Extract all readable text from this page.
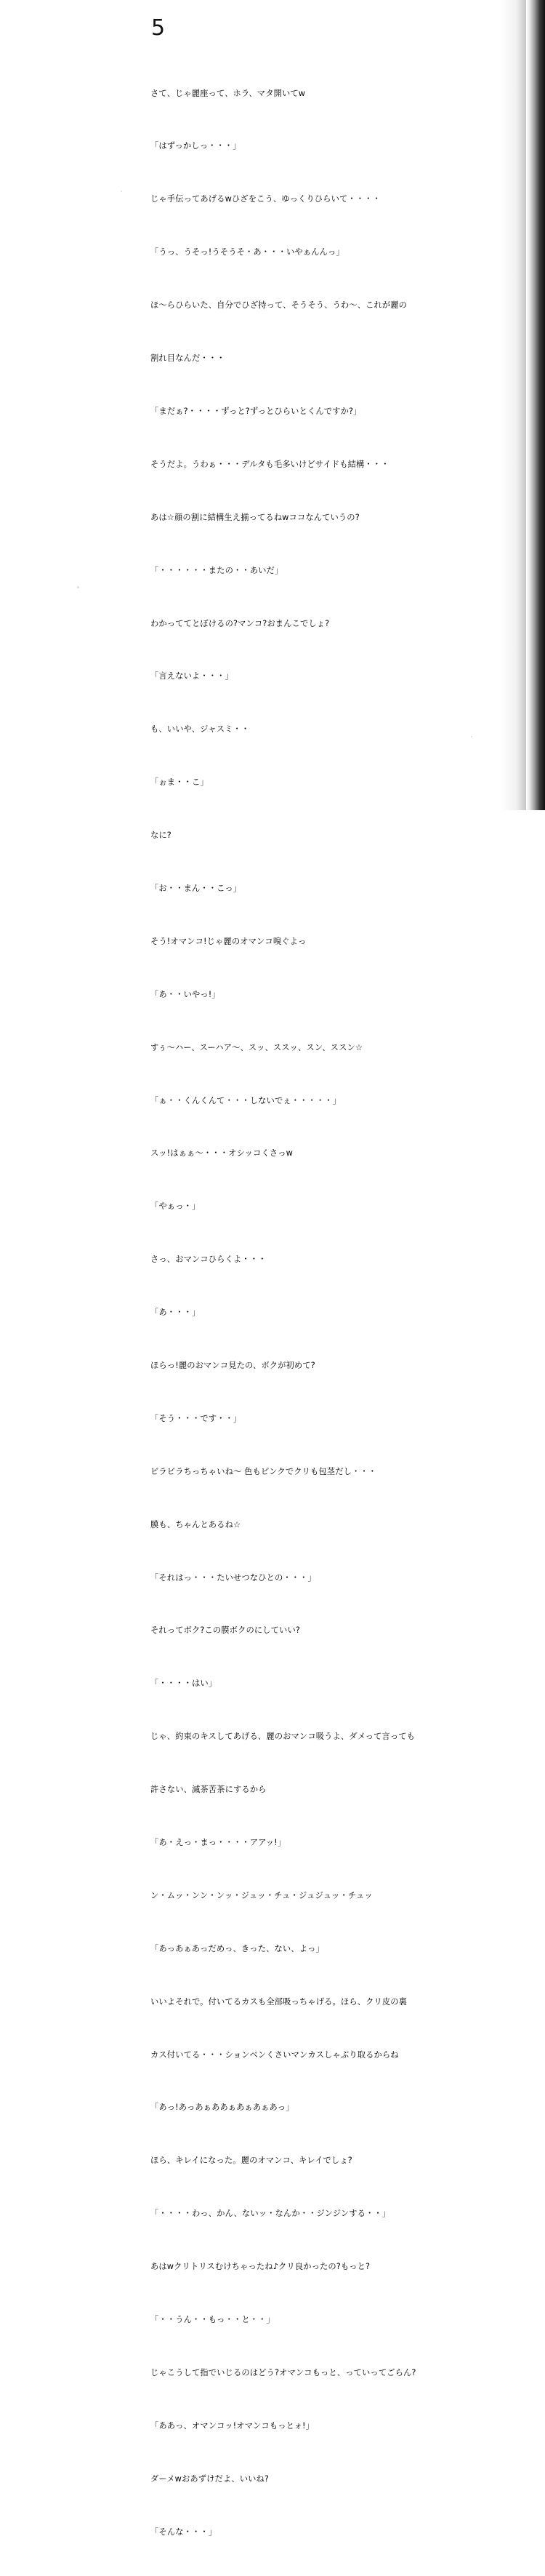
5

さて、じゃ麗座って、ホラ、マタ開いてw

「はずっかしっ・・・」

じゃ手伝ってあげるwひざをこう、ゆっくりひらいて・・・・

「うっ、うそっ!うそうそ・あ・・・いやぁんんっ」

ほ～らひらいた、自分でひざ持って、そうそう、うわ～、これが麗の

割れ目なんだ・・・

「まだぁ?・・・・ずっと?ずっとひらいとくんですか?」

そうだよ。うわぁ・・・デルタも毛多いけどサイドも結構・・・

あは☆顔の割に結構生え揃ってるねwココなんていうの?

「・・・・・・またの・・あいだ」

わかっててとぼけるの?マンコ?おまんこでしょ?

「言えないよ・・・」

も、いいや、ジャスミ・・

「ぉま・・こ」

なに?

「お・・まん・・こっ」

そう!オマンコ!じゃ麗のオマンコ嗅ぐよっ

「あ・・いやっ!」

すぅ～ハー、スーハア～、スッ、ススッ、スン、ススン☆

「ぁ・・くんくんて・・・しないでぇ・・・・・」

スッ!はぁぁ～・・・オシッコくさっw

「やぁっ・」

さっ、おマンコひらくよ・・・

「あ・・・」

ほらっ!麗のおマンコ見たの、ボクが初めて?

「そう・・・です・・」

ビラビラちっちゃいね～ 色もピンクでクリも包茎だし・・・

膜も、ちゃんとあるね☆

「それはっ・・・たいせつなひとの・・・」

それってボク?この膜ボクのにしていい?

「・・・・はい」

じゃ、約束のキスしてあげる、麗のおマンコ吸うよ、ダメって言っても

許さない、滅茶苦茶にするから

「あ・えっ・まっ・・・・アアッ!」

ン・ムッ・ンン・ンッ・ジュッ・チュ・ジュジュッ・チュッ

「あっあぁあっだめっ、きった、ない、よっ」

いいよそれで。付いてるカスも全部吸っちゃげる。ほら、クリ皮の裏

カス付いてる・・・ションベンくさいマンカスしゃぶり取るからね

「あっ!あっあぁああぁあぁあぁあっ」

ほら、キレイになった。麗のオマンコ、キレイでしょ?

「・・・・わっ、かん、ないッ・なんか・・ジンジンする・・」

あはwクリトリスむけちゃったね♪クリ良かったの?もっと?

「・・うん・・もっ・・と・・」

じゃこうして指でいじるのはどう?オマンコもっと、っていってごらん?

「ああっ、オマンコッ!オマンコもっとォ!」

ダーメwおあずけだよ、いいね?

「そんな・・・」
